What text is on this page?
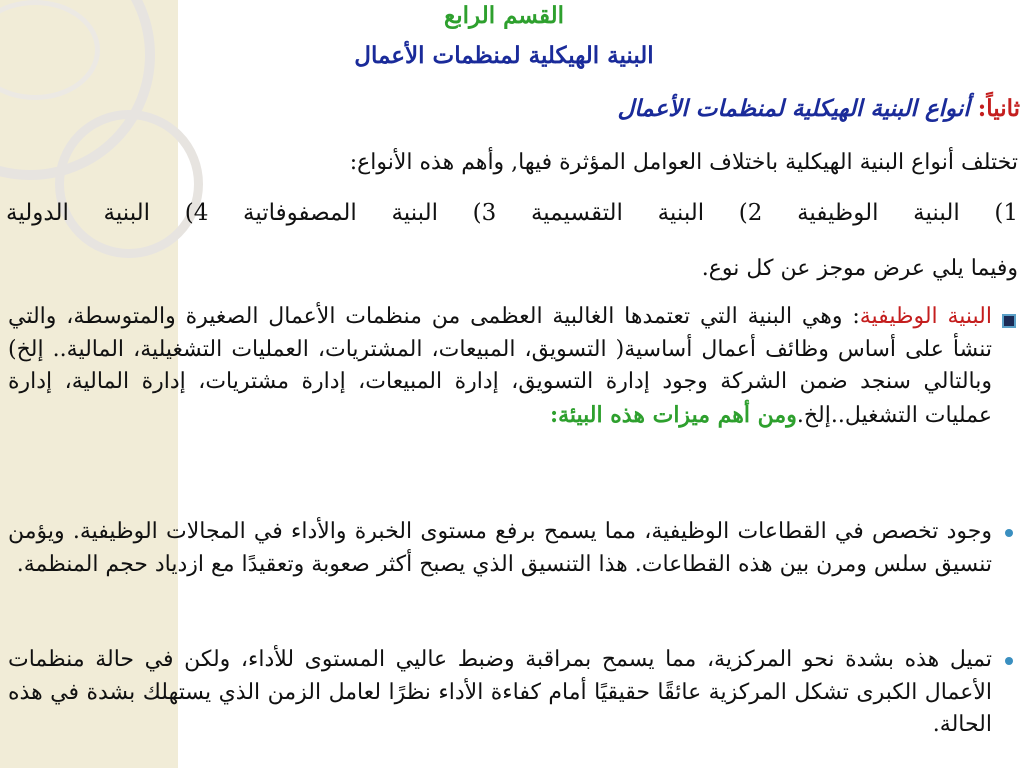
القسم الرابع
البنية الهيكلية لمنظمات الأعمال
ثانياً: أنواع البنية الهيكلية لمنظمات الأعمال
تختلف أنواع البنية الهيكلية باختلاف العوامل المؤثرة فيها, وأهم هذه الأنواع:
1) البنية الوظيفية 2) البنية التقسيمية 3) البنية المصفوفاتية 4) البنية الدولية
وفيما يلي عرض موجز عن كل نوع.
البنية الوظيفية: وهي البنية التي تعتمدها الغالبية العظمى من منظمات الأعمال الصغيرة والمتوسطة، والتي تنشأ على أساس وظائف أعمال أساسية( التسويق، المبيعات، المشتريات، العمليات التشغيلية، المالية.. إلخ) وبالتالي سنجد ضمن الشركة وجود إدارة التسويق، إدارة المبيعات، إدارة مشتريات، إدارة المالية، إدارة عمليات التشغيل..إلخ.ومن أهم ميزات هذه البيئة:
وجود تخصص في القطاعات الوظيفية، مما يسمح برفع مستوى الخبرة والأداء في المجالات الوظيفية. ويؤمن تنسيق سلس ومرن بين هذه القطاعات. هذا التنسيق الذي يصبح أكثر صعوبة وتعقيدًا مع ازدياد حجم المنظمة.
تميل هذه بشدة نحو المركزية، مما يسمح بمراقبة وضبط عاليي المستوى للأداء، ولكن في حالة منظمات الأعمال الكبرى تشكل المركزية عائقًا حقيقيًا أمام كفاءة الأداء نظرًا لعامل الزمن الذي يستهلك بشدة في هذه الحالة.
